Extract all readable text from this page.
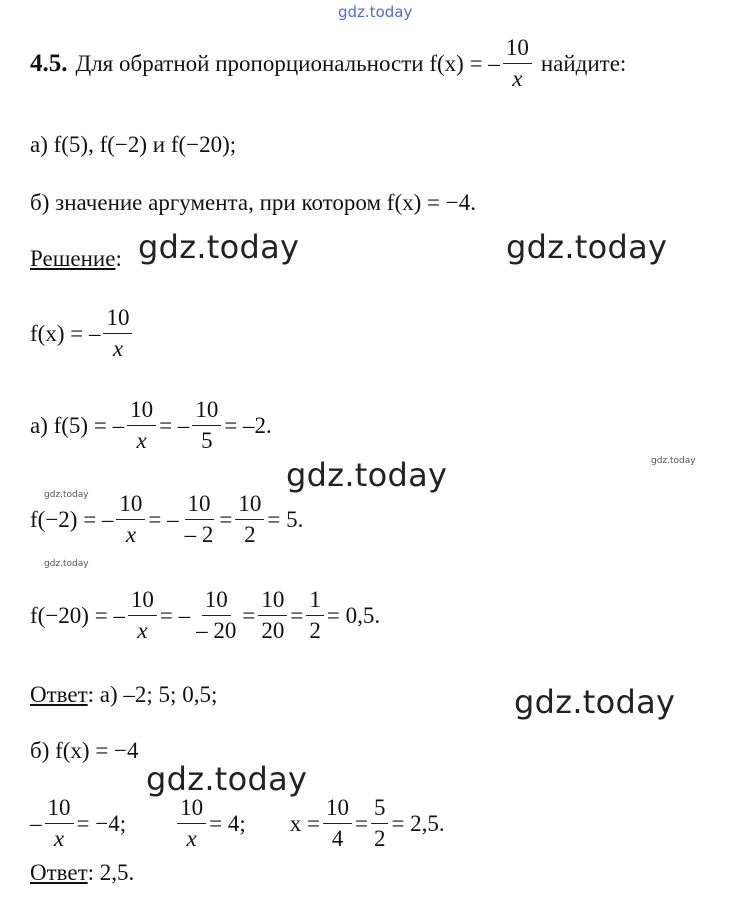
gdz.today
gdz.today	gdz.today
gdz.today
gdz.today
gdz.today
gdz.today
gdz.today
gdz.today
4.5. Для обратной пропорциональности f(x) = – $\frac{10}{x}$ найдите:
а) f(5), f(−2) и f(−20);
б) значение аргумента, при котором f(x) = −4.
Решение :
f(x) = – $\frac{10}{x}$
а) f(5) = – $\frac{10}{x}$ = – $\frac{10}{5} = -2$.
f(−2) = – $\frac{10}{x}$ = – $\frac{10}{- 2} = \frac{10}{2} = 5$.
f(−20) = – $\frac{10}{x}$ = – $\frac{10}{- 20} = \frac{10}{20} = \frac{1}{2} = 0,5$.
Ответ : а) –2; 5; 0,5;
б) f(x) = −4
– $\frac{10}{x} = -4$; $\frac{10}{x} = 4$; $x = \frac{10}{4} = \frac{5}{2} = 2,5$.
Ответ : 2,5.
